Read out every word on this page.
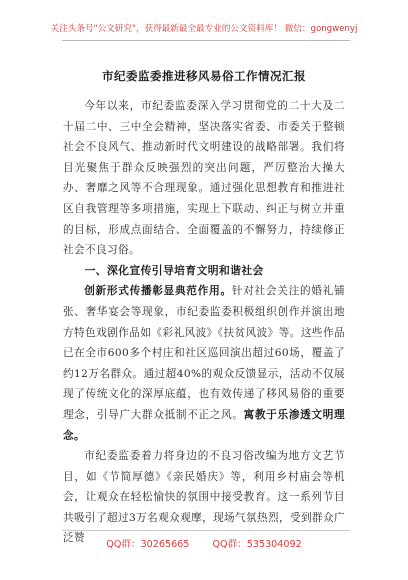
关注头条号"公文研究"，获得最新最全最专业的公文资料库！ 微信：gongwenyj
市纪委监委推进移风易俗工作情况汇报

今年以来，市纪委监委深入学习贯彻党的二十大及二十届二中、三中全会精神，坚决落实省委、市委关于整顿社会不良风气、推动新时代文明建设的战略部署。我们将目光聚焦于群众反映强烈的突出问题，严厉整治大操大办、奢靡之风等不合理现象。通过强化思想教育和推进社区自我管理等多项措施，实现上下联动、纠正与树立并重的目标，形成点面结合、全面覆盖的不懈努力，持续修正社会不良习俗。

一、深化宣传引导培育文明和谐社会

创新形式传播彰显典范作用。针对社会关注的婚礼铺张、奢华宴会等现象，市纪委监委积极组织创作并演出地方特色戏剧作品如《彩礼风波》《扶贫风波》等。这些作品已在全市600多个村庄和社区巡回演出超过60场，覆盖了约12万名群众。通过超40%的观众反馈显示，活动不仅展现了传统文化的深厚底蕴，也有效传递了移风易俗的重要理念，引导广大群众抵制不正之风。寓教于乐渗透文明理念。

市纪委监委着力将身边的不良习俗改编为地方文艺节目，如《节简厚德》《亲民婚庆》等，利用乡村庙会等机会，让观众在轻松愉快的氛围中接受教育。这一系列节目共吸引了超过3万名观众观摩，现场气氛热烈，受到群众广泛赞

QQ群：30265665 QQ群：535304092
